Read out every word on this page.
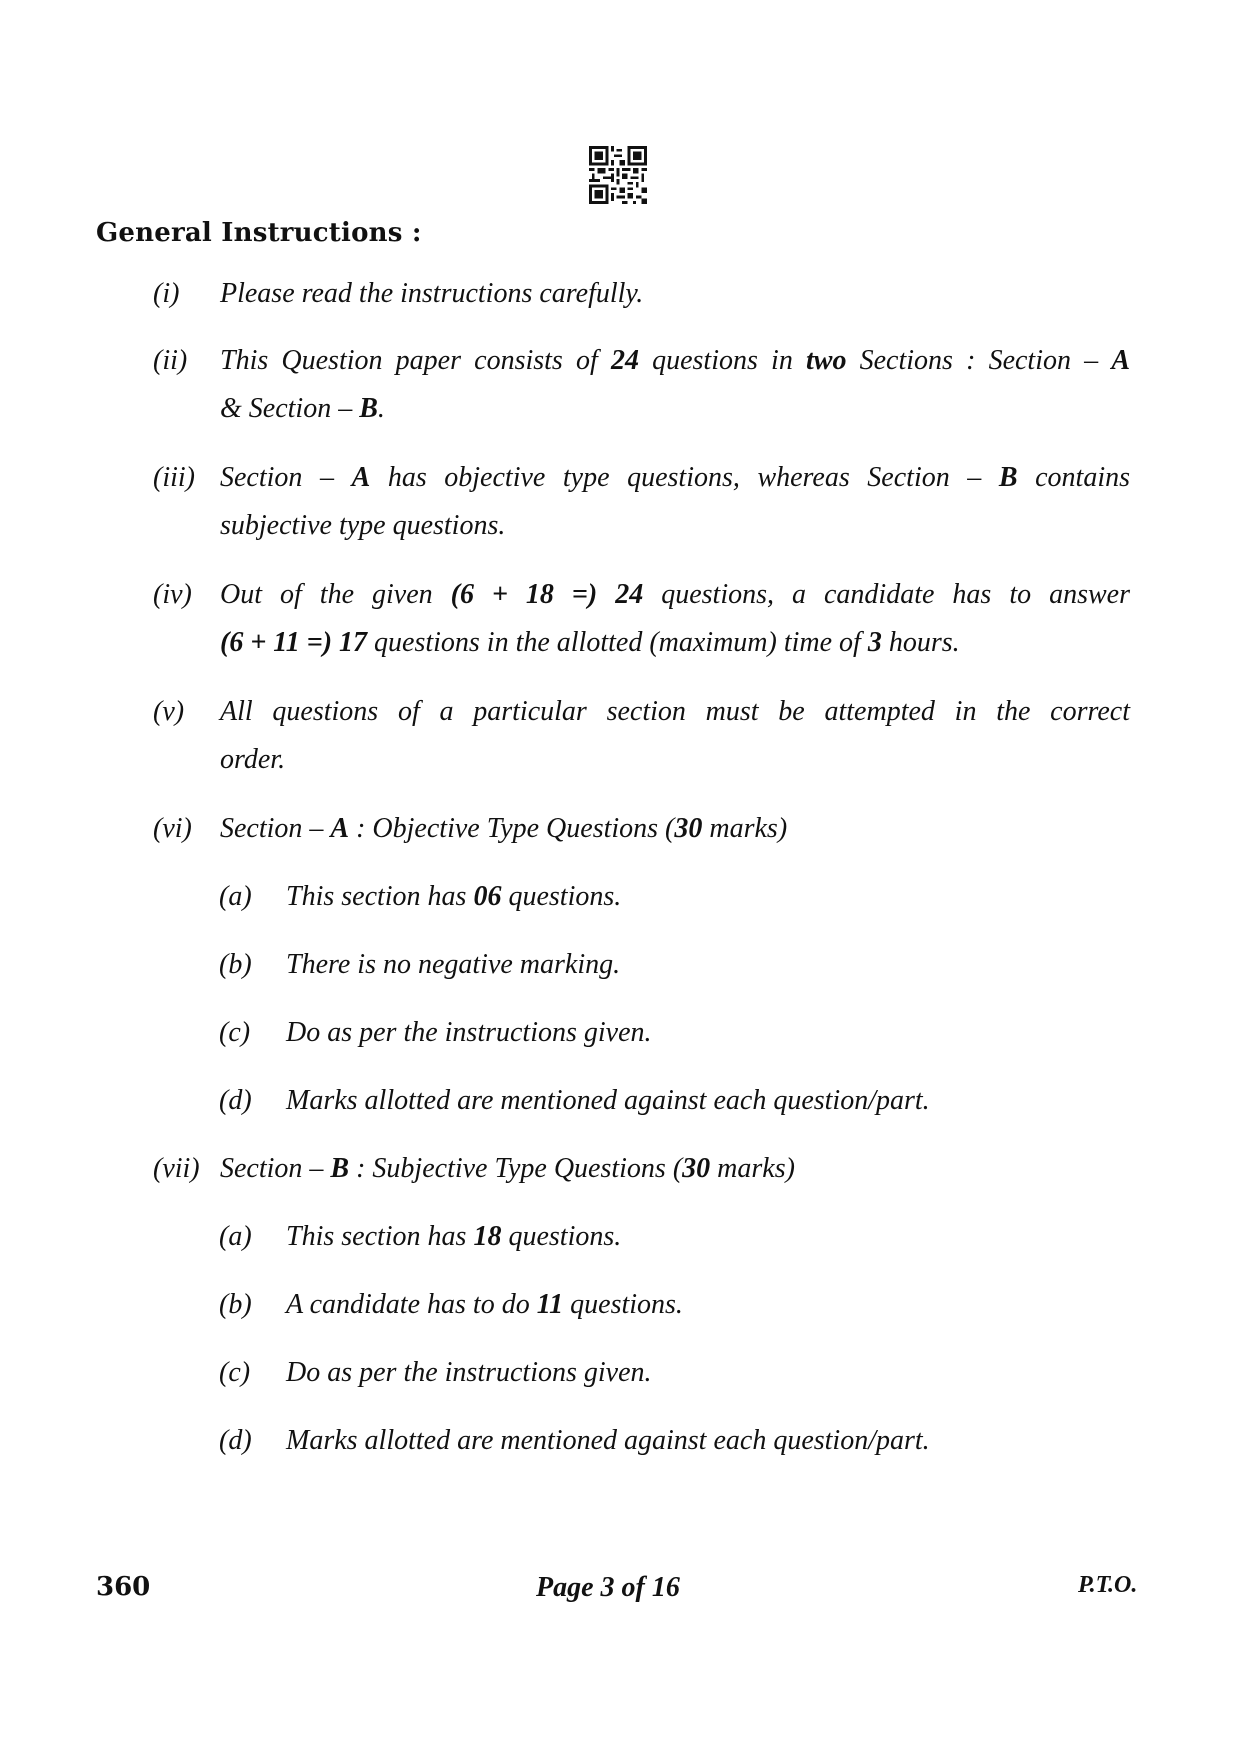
General Instructions :
(i) Please read the instructions carefully.
(ii) This Question paper consists of 24 questions in two Sections : Section – A
& Section – B.
(iii) Section – A has objective type questions, whereas Section – B contains
subjective type questions.
(iv) Out of the given (6 + 18 =) 24 questions, a candidate has to answer
(6 + 11 =) 17 questions in the allotted (maximum) time of 3 hours.
(v) All questions of a particular section must be attempted in the correct
order.
(vi) Section – A : Objective Type Questions (30 marks)
(a) This section has 06 questions.
(b) There is no negative marking.
(c) Do as per the instructions given.
(d) Marks allotted are mentioned against each question/part.
(vii) Section – B : Subjective Type Questions (30 marks)
(a) This section has 18 questions.
(b) A candidate has to do 11 questions.
(c) Do as per the instructions given.
(d) Marks allotted are mentioned against each question/part.
360	Page 3 of 16	P.T.O.
